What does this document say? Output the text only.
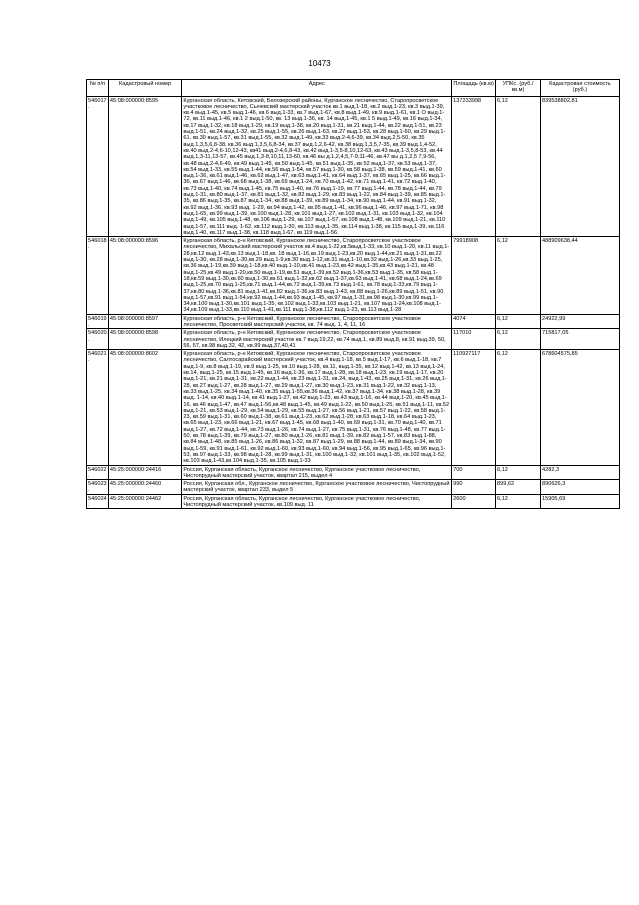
10473
№ п/п	Кадастровый номер	Адрес	Площадь (кв.м)	УПКс. (руб./кв.м)	Кадастровая стоимость (руб.)
546017.	45:08:000000:8595	Курганская область, Кетовский, Белозерский районы, Курганское лесничество, Старопросветское участковое лесничество, Сычевский мастерский участок кв.1 выд.1-18, кв.2 выд.1-23, кв.3 выд.1-39, кв.4 выд.1-45, кв.5 выд.1-46, кв.6 выд.1-33, кв.7 выд.1-67, кв.8 выд.1-49, кв.9 выд.1-61, кв.1 О выд.1-72, кв.11 выд.1-46, кв.1 2 выд.1-50, кв. 13 выд.1-36, кв. 14 выд.1-45, кв.1 5 выд.1-49, кв.16 выд.1-34, кв.17 выд.1-32, кв.18 выд.1-29, кв.19 выд.1-38, кв.20 выд.1-31, кв.21 выд.1-44, кв.22 выд.1-51, кв.23 выд.1-51, кв.24 выд.1-32, кв.25 выд.1-55, кв.26 выд.1-63, кв.27 выд.1-53, кв.28 выд.1-60, кв.29 выд.1-61, кв.30 выд.1-57, кв.31 выд.1-55, кв.32 выд.1-49, кв.33 выд.2-4,6-39, кв.34 выд.2,5-50, кв.35 выд.1,3,5,6,8-38, кв.36 выд.1,3,5,6,8-34, кв.37 выд.1,2,6-42, кв.38 выд.1,3,5,7-35, кв.39 выд.1,4-52, кв.40 выд.2-4,6-10,12-43, кв41 выд.2-4,6,8-43, кв.42 выд.1-3,5-8,10,12-63, кв.43 выд.1-3,5,8-53, кв.44 выд.1,3-11,13-57, кв.45 выд.1,3-8,10,11,13-60, кв.46 вы д.1,2,4,5,7-9,11-46, кв.47 вы д.1,2,5 7,9-56, кв.48 выд.2-4,6-49, кв.49 выд.1-45, кв.50 выд.1-45, кв.51 выд.1-35, кв.52 выд.1-37, кв.53 выд.1-37, кв.54 выд.1-33, кв.55 выд.1-44, кв.56 выд.1-54, кв.57 выд.1-30, кв.58 выд.1-38, кв.59 выд.1-41, кв.60 выд.1-36, кв.61 выд.1-46, кв.62 выд.1-47, кв.63 выд.1-41, кв.64 выд.1-37, кв.65 выд.1-25, кв.66 выд.1-36, кв.67 выд.1-46, кв.68 выд.1-38, кв.69 выд.1-24, кв.70 выд.1-42, кв.71 выд.1-41, кв.72 выд.1-40, кв.73 выд.1-40, кв.74 выд.1-45, кв.75 выд.1-40, кв.76 выд.1-19, кв.77 выд.1-44, кв.78 выд.1-44, кв.79 выд.1-31, кв.80 выд.1-37, кв.81 выд.1-32, кв.82 выд.1-29, кв.83 выд.1-22, кв.84 выд.1-39, кв.85 выд.1-35, кв.86 выд.1-35, кв.87 выд.1-34, кв.88 выд.1-39, кв.89 выд.1-34, кв.90 выд.1-44, кв.91 выд.1-32, кв.92 выд.1-36, кв.93 выд. 1-29, кв.94 выд.1-42, кв.95 выд.1-41, кв.96 выд.1-46, кв.97 выд.1-71, кв.98 выд.1-65, кв.99 выд.1-39, кв.100 выд.1-28, кв.101 выд.1-27, кв.102 выд.1-31, кв.103 выд.1-32, кв.104 выд.1-49, кв.105 выд.1-48, кв.106 выд.1-29, кв.107 выд.1-57, кв.108 выд.1-48, кв.109 выд.1-21, кв.110 выд.1-57, кв.111 выд. 1-62, кв.112 выд.1-30, кв.113 выд.1-35, кв.114 выд.1-38, кв.115 выд.1-39, кв.116 выд.1-40, кв.117 выд.1-38, кв.118 выд.1-67, кв.119 выд.1-56.	137233998	6,12	839538802,81
546018.	45:08:000000:8596	Курганская область, р-н Кетовский, Курганское лесничество, Старопросветское участковое лесничество, Михальский мастерский участок кв.4 выд.1-22,кв.5выд.1-33, кв.10 выд.1-20, кв.11 выд.1-28,кв.12 выд.1-43,кв.13 выд.1-18,кв. 18 выд.1-16,кв.19 выд.1-23,кв.20 выд.1-44,кв.21 выд.1-31,кв.22 выд.1-30, кв.28 выд.1-30,кв.29 выд.1-9,кв.30 выд.1-12,кв.31 выд.1-10,кв.32 выд.1-26,кв.33 выд.1-25, кв.36 выд.1-19,кв.39 выд.1-18,кв.40 выд.1-10,кв.41 выд.1-23,кв.42 выд.1-35,кв.43 выд.1-21, кв.48 выд.1-25,кв.49 выд.1-20,кв.50 выд.1-19,кв.51 выд.1-39,кв.52 выд.1-36,кв.53 выд.1-35, кв.58 выд.1-18,кв.59 выд.1-30,кв.60 выд.1-30,кв.61 выд.1-32,кв.62 выд.1-37,кв.63 выд.1-41, кв.68 выд.1-24,кв.69 выд.1-25,кв.70 выд.1-25,кв.71 выд.1-44,кв.72 выд.1-39,кв.73 выд.1-61, кв.78 выд.1-33,кв.79 выд.1-37,кв.80 выд.1-36,кв.81 выд.1-41,кв.82 выд.1-36,кв.83 выд.1-43, кв.88 выд.1-26,кв.89 выд.1-51, кв.90 выд.1-57,кв.91 выд.1-54,кв.92 выд.1-44,кв.93 выд.1-45, кв.97 выд.1-31,кв.98 выд.1-30,кв.99 выд.1-34,кв.100 выд.1-30,кв.101 выд.1-35, кв.102 выд.1-33,кв.103 выд.1-21, кв.107 выд.1-24,кв.108 выд.1-34,кв.109 выд.1-33,кв.110 выд.1-41,кв.111 выд.1-38,кв.112 выд.1-23, кв.113 выд.1-28	79918908	6,12	488909638,44
546019.	45:08:000000:8597	Курганская область, р-н Кетовский, Курганское лесничество, Старопросветское участковое лесничество, Просветский мастерский участок, кв. 74 выд. 1, 4, 11, 16	4074	6,12	24922,99
546020.	45:08:000000:8598	Курганская область, р-н Кетовский, Курганское лесничество, Старопросветское участковое лесничество, Илецкий мастерский участок кв.7 выд.19,22, кв.74 выд.1, кв.89 выд.8, кв.91 выд.39, 50, 56, 57, кв.98 выд.32, 42, кв.99 выд.37,40,41	117010	6,12	715817,05
546021.	45:08:000000:8602	Курганская область, р-н Кетовский, Курганское лесничество, Старопросветское участковое лесничество, Салтосарайский мастерский участок, кв.4 выд.1-18, кв.5 выд.1-17, кв.6 выд.1-18, кв.7 выд.1-9, кв.8 выд.1-19, кв.9 выд.1-25, кв.10 выд.1-28, кв.11, выд.1-35, кв.12 выд.1-42, кв.13 выд.1-24, кв.14, выд.1-25, кв.15 выд.1-45, кв.16 выд.1-36, кв.17 выд.1-28, кв.18 выд.1-23, кв.19 выд.1-17, кв.20 выд.1-21, кв.21 выд.1-31, кв.22 выд.1-44, кв.23 выд.1-31, кв.24, выд.1-43, кв.25 выд.1-31, кв.26 выд.1-28, кв.27 выд.1-27, кв.28 выд.1-27, кв.29 выд.1-27, кв.30 выд.1-23, кв.31 выд.1-22, кв.32 выд.1-13, кв.33 выд.1-25, кв.34 выд.1-40, кв.35 выд.1-55,кв.36 выд.1-42, кв.37 выд.1-34, кв.38 выд.1-28, кв.39 выд. 1-14, кв.40 выд.1-14, кв.41 выд.1-27, кв.42 выд.1-23, кв.43 выд.1-16, кв.44 выд.1-20, кв.45 выд.1-16, кв.46 выд.1-47, кв.47 выд.1-56,кв.48 выд.1-45, кв.49 выд.1-22, кв.50 выд.1-25, кв.51 выд.1-11, кв.52 выд.1-21, кв.53 выд.1-29, кв.54 выд.1-29, кв.55 выд.1-27, кв.56 выд.1-21, кв.57 выд.1-22, кв.58 выд.1-23, кв.59 выд.1-31, кв.60 выд.1-38, кв.61 выд.1-23, кв.62 выд.1-28, кв.63 выд.1-18, кв.64 выд.1-23, кв.65 выд.1-23, кв.66 выд.1-21, кв.67 выд.1-45, кв.68 выд.1-40, кв.69 выд.1-31, кв.70 выд.1-40, кв.71 выд.1-27, кв.72 выд.1-44, кв.73 выд.1-26, кв.74 выд.1-27, кв.75 выд.1-31, кв.76 выд.1-48, кв.77 выд.1-50, кв.78 выд.1-39, кв.79 выд.1-27, кв.80 выд.1-26, кв.81 выд.1-39, кв.82 выд.1-57, кв.83 выд.1-88, кв.84 выд.1-48, кв.85 выд.1-26, кв.86 выд.1-32, кв.87 выд.1-29, кв.88 выд.1-44, кв.89 выд.1-34, кв.90 выд.1-59, кв.91 выд.1-61, кв.92 выд.1-60, кв.93 выд.1-60, кв.94 выд.1-56, кв.95 выд.1-65, кв.96 выд.1-53, кв.97 выд.1-33, кв.98 выд.1-28, кв.99 выд.1-31, кв.100 выд.1-32, кв.101 выд.1-35, кв.102 выд.1-52, кв.103 выд.1-43,кв.104 выд.1-35, кв.105 выд.1-33	110927117	6,12	678604575,85
546022.	45:25:000000:24416	Россия, Курганская область, Курганское лесничество, Курганское участковое лесничество, Чистопрудный мастерский участок, квартал 215, выдел 4	700	6,12	4282,3
546023.	45:25:000000:24460	Россия, Курганская обл., Курганское лесничество, Курганское участковое лесничество, Чистопрудный мастерский участок, квартал 233, выдел 5	990	899,62	890626,3
546024.	45:25:000000:24462	Россия, Курганская область, Курганское лесничество, Курганское участковое лесничество, Чистопрудный мастерский участок, кв.109 выд. 11	2600	6,12	15905,69
